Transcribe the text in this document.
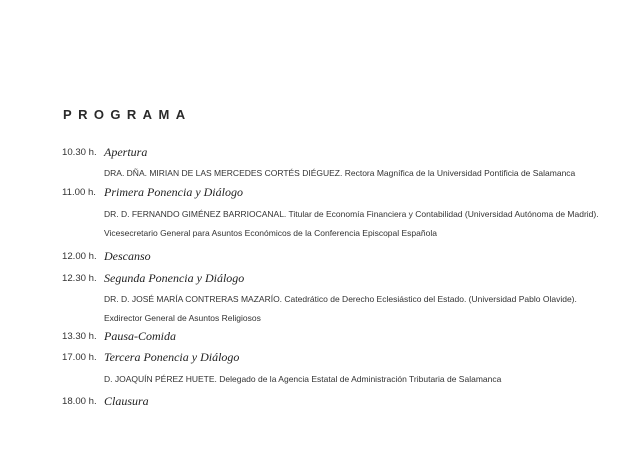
PROGRAMA
10.30 h. Apertura
DRA. DÑA. MIRIAN DE LAS MERCEDES CORTÉS DIÉGUEZ. Rectora Magnífica de la Universidad Pontificia de Salamanca
11.00 h. Primera Ponencia y Diálogo
DR. D. FERNANDO GIMÉNEZ BARRIOCANAL. Titular de Economía Financiera y Contabilidad (Universidad Autónoma de Madrid).
Vicesecretario General para Asuntos Económicos de la Conferencia Episcopal Española
12.00 h. Descanso
12.30 h. Segunda Ponencia y Diálogo
DR. D. JOSÉ MARÍA CONTRERAS MAZARÍO. Catedrático de Derecho Eclesiástico del Estado. (Universidad Pablo Olavide).
Exdirector General de Asuntos Religiosos
13.30 h. Pausa-Comida
17.00 h. Tercera Ponencia y Diálogo
D. JOAQUÍN PÉREZ HUETE. Delegado de la Agencia Estatal de Administración Tributaria de Salamanca
18.00 h. Clausura
